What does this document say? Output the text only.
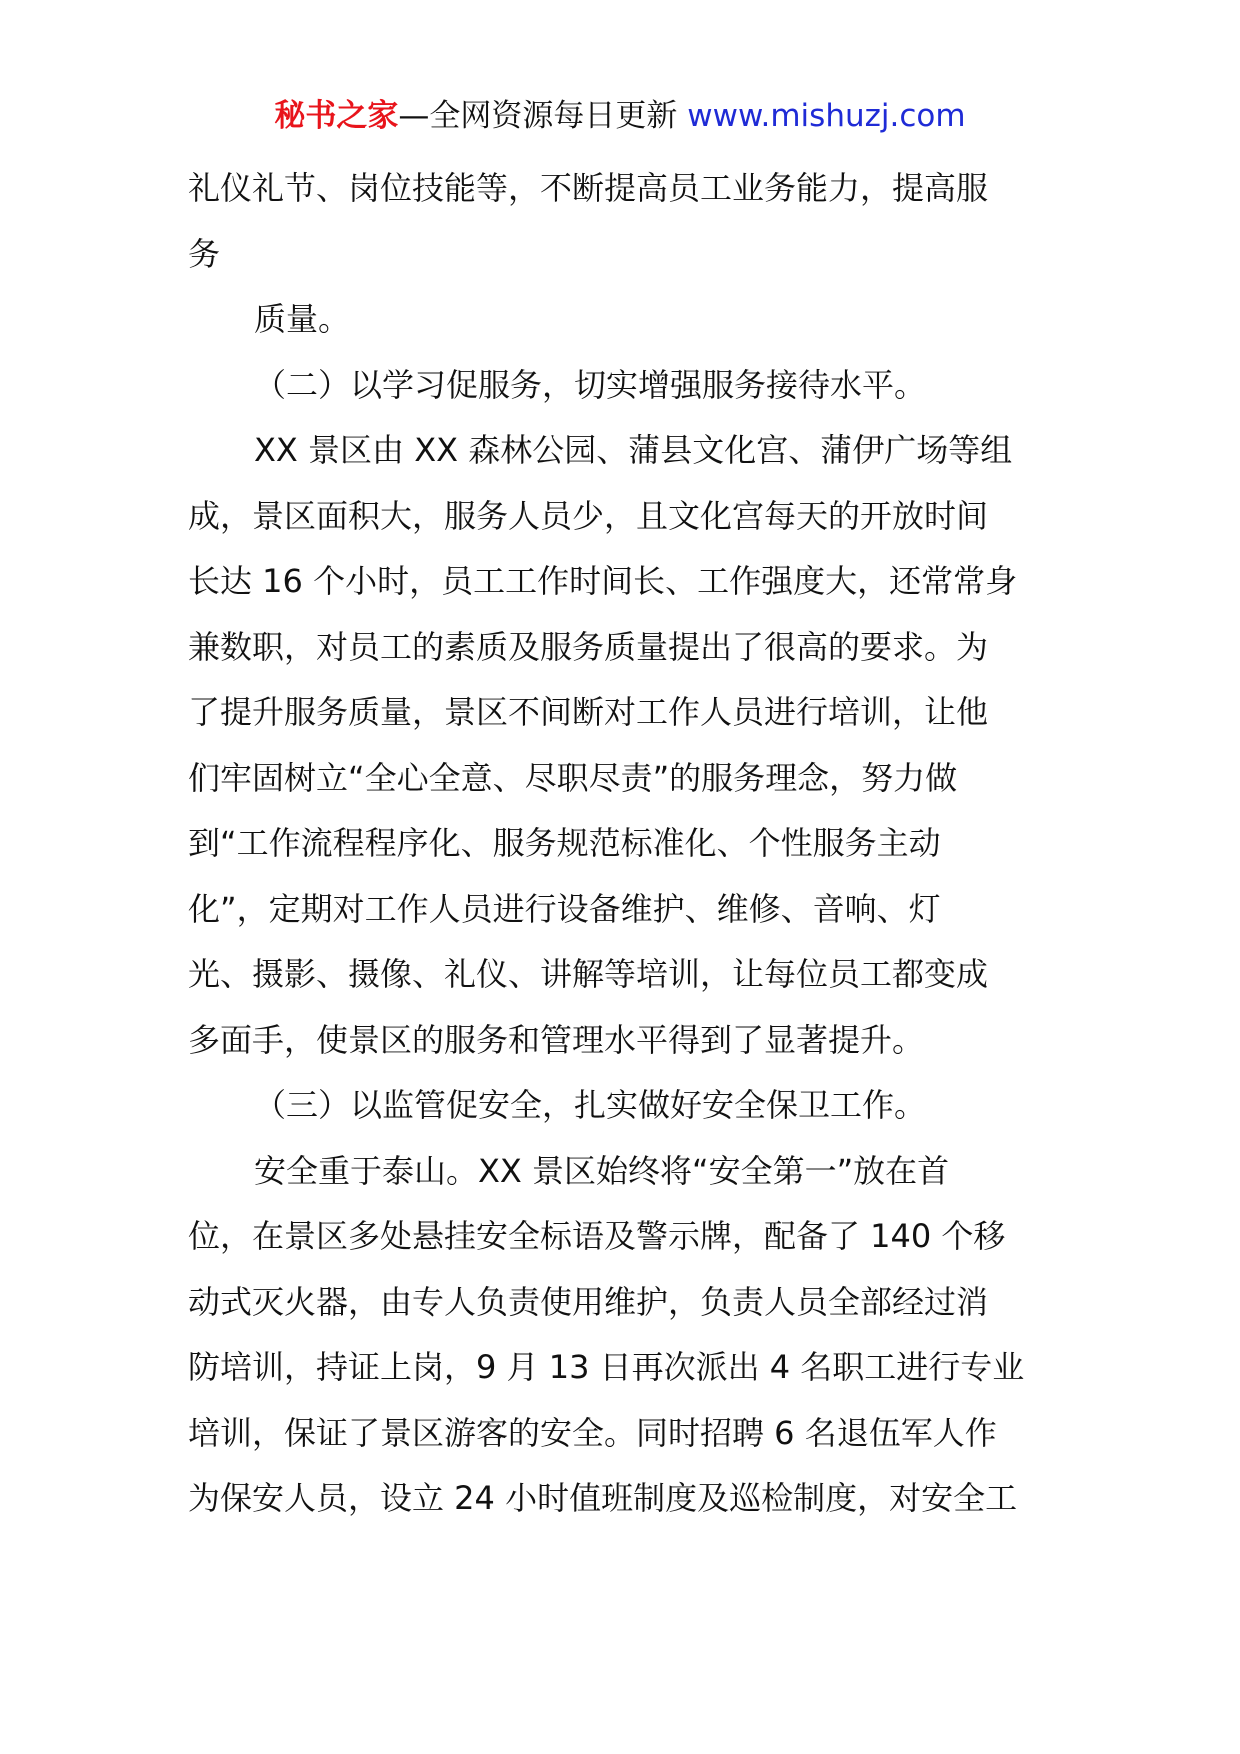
秘书之家—全网资源每日更新 www.mishuzj.com
礼仪礼节、岗位技能等，不断提高员工业务能力，提高服
务
质量。
（二）以学习促服务，切实增强服务接待水平。
XX 景区由 XX 森林公园、蒲县文化宫、蒲伊广场等组
成，景区面积大，服务人员少，且文化宫每天的开放时间
长达 16 个小时，员工工作时间长、工作强度大，还常常身
兼数职，对员工的素质及服务质量提出了很高的要求。为
了提升服务质量，景区不间断对工作人员进行培训，让他
们牢固树立“全心全意、尽职尽责”的服务理念，努力做
到“工作流程程序化、服务规范标准化、个性服务主动
化”，定期对工作人员进行设备维护、维修、音响、灯
光、摄影、摄像、礼仪、讲解等培训，让每位员工都变成
多面手，使景区的服务和管理水平得到了显著提升。
（三）以监管促安全，扎实做好安全保卫工作。
安全重于泰山。XX 景区始终将“安全第一”放在首
位，在景区多处悬挂安全标语及警示牌，配备了 140 个移
动式灭火器，由专人负责使用维护，负责人员全部经过消
防培训，持证上岗，9 月 13 日再次派出 4 名职工进行专业
培训，保证了景区游客的安全。同时招聘 6 名退伍军人作
为保安人员，设立 24 小时值班制度及巡检制度，对安全工
